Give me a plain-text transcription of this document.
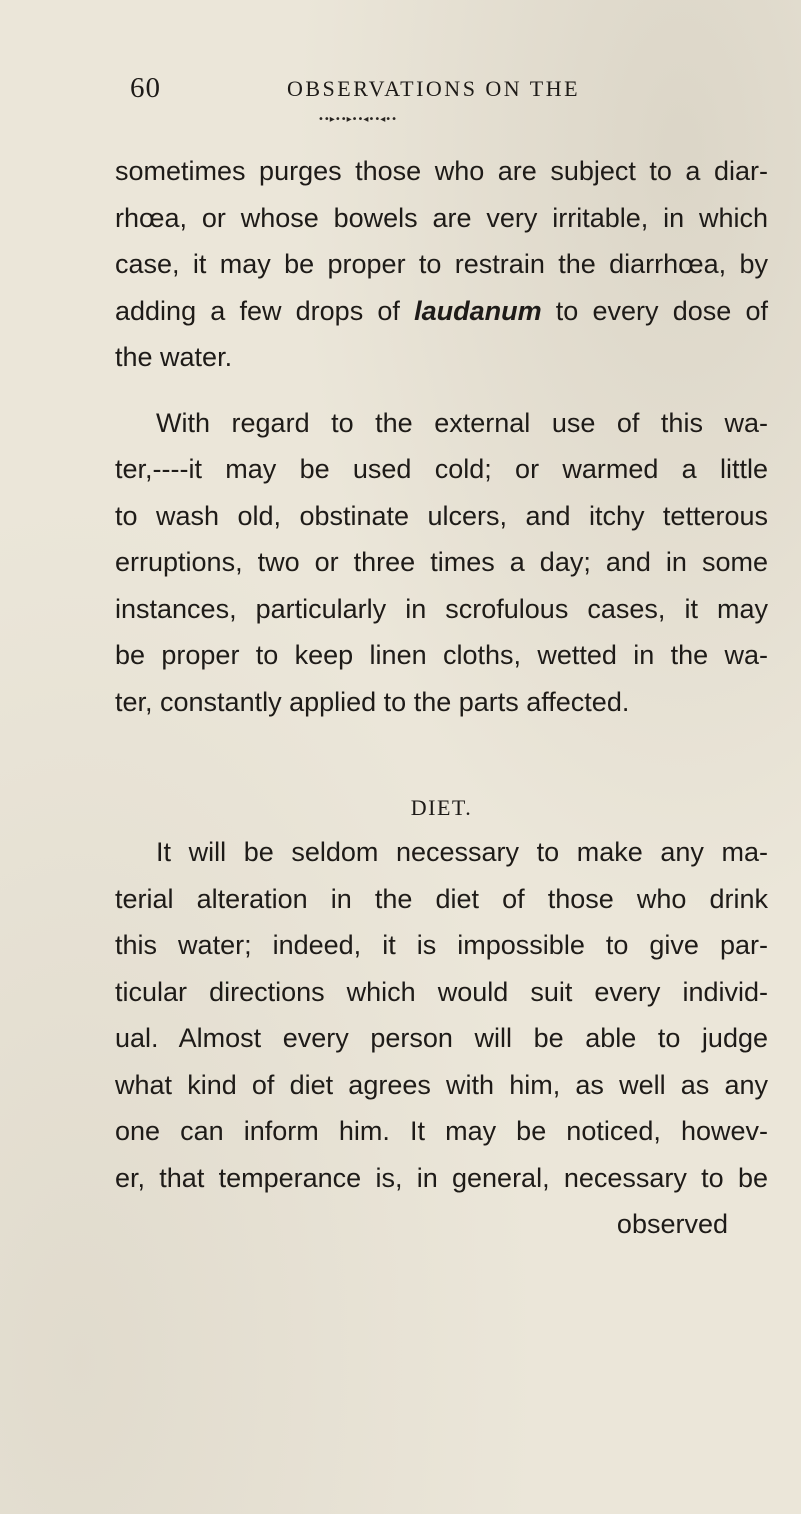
60	OBSERVATIONS ON THE
••▸••▸••◂••◂••
sometimes purges those who are subject to a diar-
rhœa, or whose bowels are very irritable, in which
case, it may be proper to restrain the diarrhœa, by
adding a few drops of laudanum to every dose of
the water.
With regard to the external use of this wa-
ter,----it may be used cold; or warmed a little
to wash old, obstinate ulcers, and itchy tetterous
erruptions, two or three times a day; and in some
instances, particularly in scrofulous cases, it may
be proper to keep linen cloths, wetted in the wa-
ter, constantly applied to the parts affected.
DIET.
It will be seldom necessary to make any ma-
terial alteration in the diet of those who drink
this water; indeed, it is impossible to give par-
ticular directions which would suit every individ-
ual. Almost every person will be able to judge
what kind of diet agrees with him, as well as any
one can inform him. It may be noticed, howev-
er, that temperance is, in general, necessary to be
observed
